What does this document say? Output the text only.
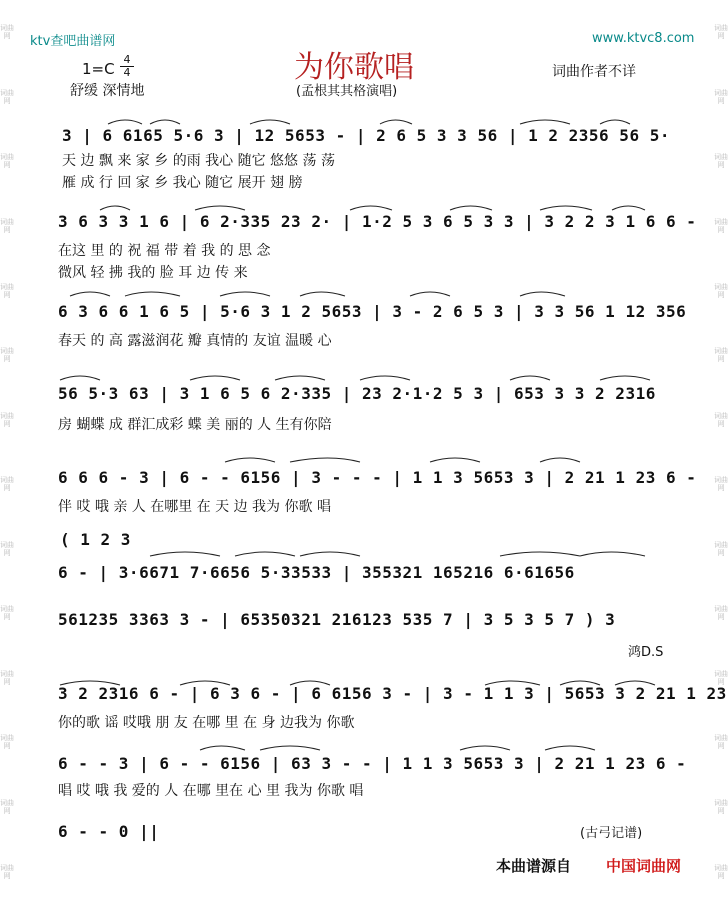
词曲网
词曲网
词曲网
词曲网
词曲网
词曲网
词曲网
词曲网
词曲网
词曲网
词曲网
词曲网
词曲网
词曲网
词曲网
词曲网
词曲网
词曲网
词曲网
词曲网
词曲网
词曲网
词曲网
词曲网
词曲网
词曲网
词曲网
词曲网
ktv查吧曲谱网	www.ktvc8.com
为你歌唱
1=C
4
4
舒缓 深情地	(孟根其其格演唱)
词曲作者不详
3 | 6 6165 5·6 3 | 12 5653 - | 2 6 5 3 3 56 | 1 2 2356 56 5·
天 边 飘 来 家 乡 的雨 我心 随它 悠悠 荡 荡
雁 成 行 回 家 乡 我心 随它 展开 翅 膀
3 6 3 3 1 6 | 6 2·335 23 2· | 1·2 5 3 6 5 3 3 | 3 2 2 3 1 6 6 -
在这 里 的 祝 福 带 着 我 的 思 念
微风 轻 拂 我的 脸 耳 边 传 来
6 3 6 6 1 6 5 | 5·6 3 1 2 5653 | 3 - 2 6 5 3 | 3 3 56 1 12 356
春天 的 高 露滋润花 瓣 真情的 友谊 温暖 心
56 5·3 63 | 3 1 6 5 6 2·335 | 23 2·1·2 5 3 | 653 3 3 2 2316
房 蝴蝶 成 群汇成彩 蝶 美 丽的 人 生有你陪
6 6 6 - 3 | 6 - - 6156 | 3 - - - | 1 1 3 5653 3 | 2 21 1 23 6 -
伴 哎 哦 亲 人 在哪里 在 天 边 我为 你歌 唱
( 1 2 3
6 - | 3·6671 7·6656 5·33533 | 355321 165216 6·61656
561235 3363 3 - | 65350321 216123 535 7 | 3 5 3 5 7 ) 3
鸿D.S
3 2 2316 6 - | 6 3 6 - | 6 6156 3 - | 3 - 1 1 3 | 5653 3 2 21 1 23
你的歌 谣 哎哦 朋 友 在哪 里 在 身 边我为 你歌
6 - - 3 | 6 - - 6156 | 63 3 - - | 1 1 3 5653 3 | 2 21 1 23 6 -
唱 哎 哦 我 爱的 人 在哪 里在 心 里 我为 你歌 唱
6 - - 0 ||	(古弓记谱)
本曲谱源自 中国词曲网
